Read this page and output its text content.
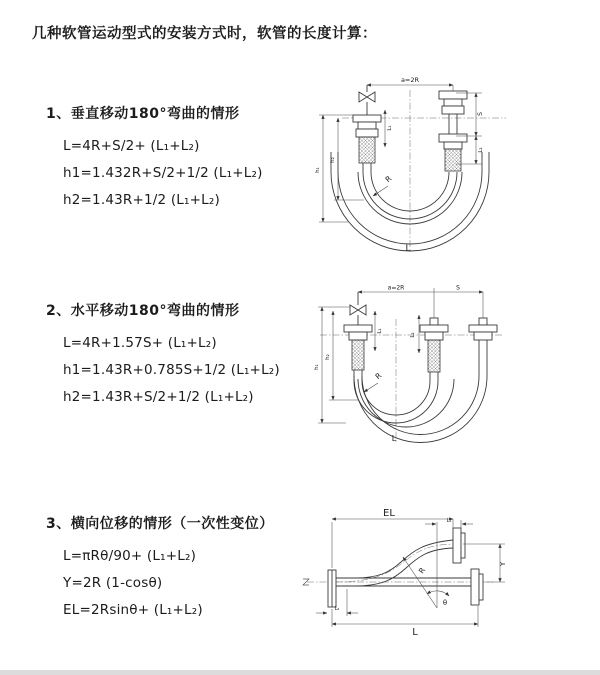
几种软管运动型式的安装方式时，软管的长度计算：
1、垂直移动180°弯曲的情形
L=4R+S/2+ (L₁+L₂)
h1=1.432R+S/2+1/2 (L₁+L₂)
h2=1.43R+1/2 (L₁+L₂)
2、水平移动180°弯曲的情形
L=4R+1.57S+ (L₁+L₂)
h1=1.43R+0.785S+1/2 (L₁+L₂)
h2=1.43R+S/2+1/2 (L₁+L₂)
3、横向位移的情形（一次性变位）
L=πRθ/90+ (L₁+L₂)
Y=2R (1-cosθ)
EL=2Rsinθ+ (L₁+L₂)
a=2R
h₁
h₂
L₁
S
L₂
R
L
a=2R	S
h₁
h₂
L₁
L₂
R
L
EL
L₁
Y
R
θ
L₂
L
